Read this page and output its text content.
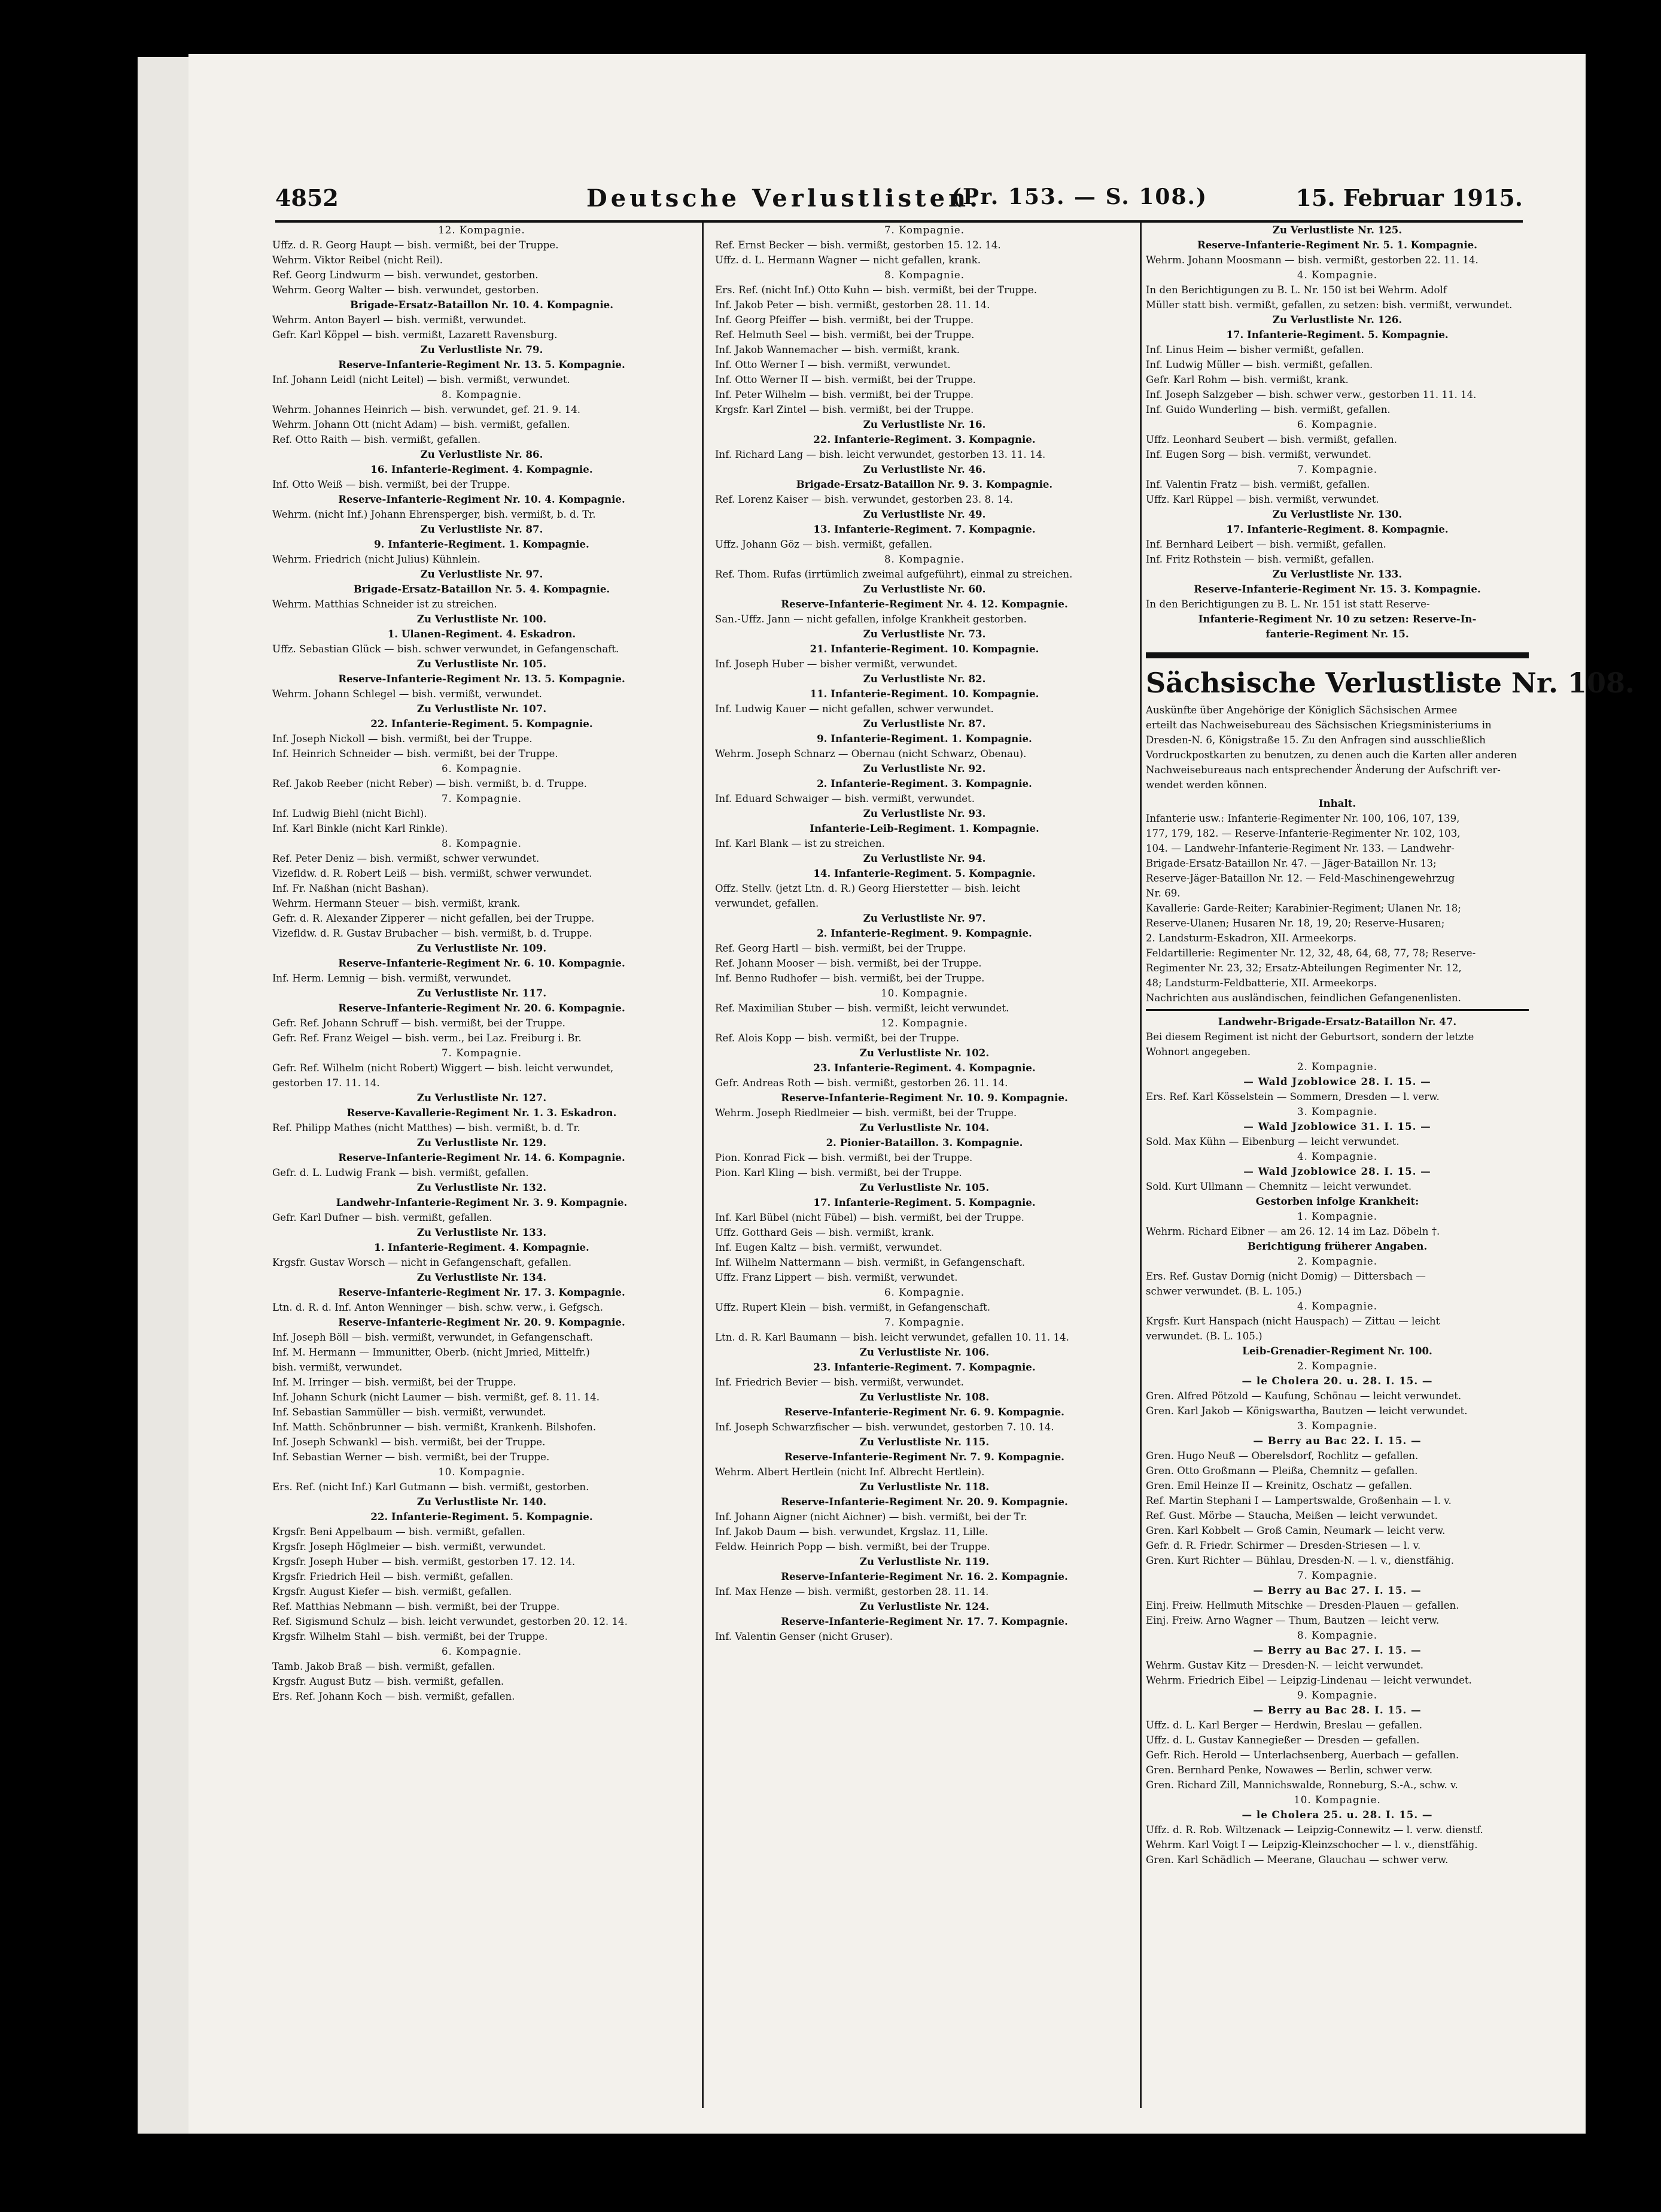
4852	Deutsche Verlustlisten.
(Pr. 153. — S. 108.)	15. Februar 1915.
12. Kompagnie.
Uffz. d. R. Georg Haupt — bish. vermißt, bei der Truppe.
Wehrm. Viktor Reibel (nicht Reil).
Ref. Georg Lindwurm — bish. verwundet, gestorben.
Wehrm. Georg Walter — bish. verwundet, gestorben.
Brigade-Ersatz-Bataillon Nr. 10. 4. Kompagnie.
Wehrm. Anton Bayerl — bish. vermißt, verwundet.
Gefr. Karl Köppel — bish. vermißt, Lazarett Ravensburg.
Zu Verlustliste Nr. 79.
Reserve-Infanterie-Regiment Nr. 13. 5. Kompagnie.
Inf. Johann Leidl (nicht Leitel) — bish. vermißt, verwundet.
8. Kompagnie.
Wehrm. Johannes Heinrich — bish. verwundet, gef. 21. 9. 14.
Wehrm. Johann Ott (nicht Adam) — bish. vermißt, gefallen.
Ref. Otto Raith — bish. vermißt, gefallen.
Zu Verlustliste Nr. 86.
16. Infanterie-Regiment. 4. Kompagnie.
Inf. Otto Weiß — bish. vermißt, bei der Truppe.
Reserve-Infanterie-Regiment Nr. 10. 4. Kompagnie.
Wehrm. (nicht Inf.) Johann Ehrensperger, bish. vermißt, b. d. Tr.
Zu Verlustliste Nr. 87.
9. Infanterie-Regiment. 1. Kompagnie.
Wehrm. Friedrich (nicht Julius) Kühnlein.
Zu Verlustliste Nr. 97.
Brigade-Ersatz-Bataillon Nr. 5. 4. Kompagnie.
Wehrm. Matthias Schneider ist zu streichen.
Zu Verlustliste Nr. 100.
1. Ulanen-Regiment. 4. Eskadron.
Uffz. Sebastian Glück — bish. schwer verwundet, in Gefangenschaft.
Zu Verlustliste Nr. 105.
Reserve-Infanterie-Regiment Nr. 13. 5. Kompagnie.
Wehrm. Johann Schlegel — bish. vermißt, verwundet.
Zu Verlustliste Nr. 107.
22. Infanterie-Regiment. 5. Kompagnie.
Inf. Joseph Nickoll — bish. vermißt, bei der Truppe.
Inf. Heinrich Schneider — bish. vermißt, bei der Truppe.
6. Kompagnie.
Ref. Jakob Reeber (nicht Reber) — bish. vermißt, b. d. Truppe.
7. Kompagnie.
Inf. Ludwig Biehl (nicht Bichl).
Inf. Karl Binkle (nicht Karl Rinkle).
8. Kompagnie.
Ref. Peter Deniz — bish. vermißt, schwer verwundet.
Vizefldw. d. R. Robert Leiß — bish. vermißt, schwer verwundet.
Inf. Fr. Naßhan (nicht Bashan).
Wehrm. Hermann Steuer — bish. vermißt, krank.
Gefr. d. R. Alexander Zipperer — nicht gefallen, bei der Truppe.
Vizefldw. d. R. Gustav Brubacher — bish. vermißt, b. d. Truppe.
Zu Verlustliste Nr. 109.
Reserve-Infanterie-Regiment Nr. 6. 10. Kompagnie.
Inf. Herm. Lemnig — bish. vermißt, verwundet.
Zu Verlustliste Nr. 117.
Reserve-Infanterie-Regiment Nr. 20. 6. Kompagnie.
Gefr. Ref. Johann Schruff — bish. vermißt, bei der Truppe.
Gefr. Ref. Franz Weigel — bish. verm., bei Laz. Freiburg i. Br.
7. Kompagnie.
Gefr. Ref. Wilhelm (nicht Robert) Wiggert — bish. leicht verwundet,
gestorben 17. 11. 14.
Zu Verlustliste Nr. 127.
Reserve-Kavallerie-Regiment Nr. 1. 3. Eskadron.
Ref. Philipp Mathes (nicht Matthes) — bish. vermißt, b. d. Tr.
Zu Verlustliste Nr. 129.
Reserve-Infanterie-Regiment Nr. 14. 6. Kompagnie.
Gefr. d. L. Ludwig Frank — bish. vermißt, gefallen.
Zu Verlustliste Nr. 132.
Landwehr-Infanterie-Regiment Nr. 3. 9. Kompagnie.
Gefr. Karl Dufner — bish. vermißt, gefallen.
Zu Verlustliste Nr. 133.
1. Infanterie-Regiment. 4. Kompagnie.
Krgsfr. Gustav Worsch — nicht in Gefangenschaft, gefallen.
Zu Verlustliste Nr. 134.
Reserve-Infanterie-Regiment Nr. 17. 3. Kompagnie.
Ltn. d. R. d. Inf. Anton Wenninger — bish. schw. verw., i. Gefgsch.
Reserve-Infanterie-Regiment Nr. 20. 9. Kompagnie.
Inf. Joseph Böll — bish. vermißt, verwundet, in Gefangenschaft.
Inf. M. Hermann — Immunitter, Oberb. (nicht Jmried, Mittelfr.)
bish. vermißt, verwundet.
Inf. M. Irringer — bish. vermißt, bei der Truppe.
Inf. Johann Schurk (nicht Laumer — bish. vermißt, gef. 8. 11. 14.
Inf. Sebastian Sammüller — bish. vermißt, verwundet.
Inf. Matth. Schönbrunner — bish. vermißt, Krankenh. Bilshofen.
Inf. Joseph Schwankl — bish. vermißt, bei der Truppe.
Inf. Sebastian Werner — bish. vermißt, bei der Truppe.
10. Kompagnie.
Ers. Ref. (nicht Inf.) Karl Gutmann — bish. vermißt, gestorben.
Zu Verlustliste Nr. 140.
22. Infanterie-Regiment. 5. Kompagnie.
Krgsfr. Beni Appelbaum — bish. vermißt, gefallen.
Krgsfr. Joseph Höglmeier — bish. vermißt, verwundet.
Krgsfr. Joseph Huber — bish. vermißt, gestorben 17. 12. 14.
Krgsfr. Friedrich Heil — bish. vermißt, gefallen.
Krgsfr. August Kiefer — bish. vermißt, gefallen.
Ref. Matthias Nebmann — bish. vermißt, bei der Truppe.
Ref. Sigismund Schulz — bish. leicht verwundet, gestorben 20. 12. 14.
Krgsfr. Wilhelm Stahl — bish. vermißt, bei der Truppe.
6. Kompagnie.
Tamb. Jakob Braß — bish. vermißt, gefallen.
Krgsfr. August Butz — bish. vermißt, gefallen.
Ers. Ref. Johann Koch — bish. vermißt, gefallen.
7. Kompagnie.
Ref. Ernst Becker — bish. vermißt, gestorben 15. 12. 14.
Uffz. d. L. Hermann Wagner — nicht gefallen, krank.
8. Kompagnie.
Ers. Ref. (nicht Inf.) Otto Kuhn — bish. vermißt, bei der Truppe.
Inf. Jakob Peter — bish. vermißt, gestorben 28. 11. 14.
Inf. Georg Pfeiffer — bish. vermißt, bei der Truppe.
Ref. Helmuth Seel — bish. vermißt, bei der Truppe.
Inf. Jakob Wannemacher — bish. vermißt, krank.
Inf. Otto Werner I — bish. vermißt, verwundet.
Inf. Otto Werner II — bish. vermißt, bei der Truppe.
Inf. Peter Wilhelm — bish. vermißt, bei der Truppe.
Krgsfr. Karl Zintel — bish. vermißt, bei der Truppe.
Zu Verlustliste Nr. 16.
22. Infanterie-Regiment. 3. Kompagnie.
Inf. Richard Lang — bish. leicht verwundet, gestorben 13. 11. 14.
Zu Verlustliste Nr. 46.
Brigade-Ersatz-Bataillon Nr. 9. 3. Kompagnie.
Ref. Lorenz Kaiser — bish. verwundet, gestorben 23. 8. 14.
Zu Verlustliste Nr. 49.
13. Infanterie-Regiment. 7. Kompagnie.
Uffz. Johann Göz — bish. vermißt, gefallen.
8. Kompagnie.
Ref. Thom. Rufas (irrtümlich zweimal aufgeführt), einmal zu streichen.
Zu Verlustliste Nr. 60.
Reserve-Infanterie-Regiment Nr. 4. 12. Kompagnie.
San.-Uffz. Jann — nicht gefallen, infolge Krankheit gestorben.
Zu Verlustliste Nr. 73.
21. Infanterie-Regiment. 10. Kompagnie.
Inf. Joseph Huber — bisher vermißt, verwundet.
Zu Verlustliste Nr. 82.
11. Infanterie-Regiment. 10. Kompagnie.
Inf. Ludwig Kauer — nicht gefallen, schwer verwundet.
Zu Verlustliste Nr. 87.
9. Infanterie-Regiment. 1. Kompagnie.
Wehrm. Joseph Schnarz — Obernau (nicht Schwarz, Obenau).
Zu Verlustliste Nr. 92.
2. Infanterie-Regiment. 3. Kompagnie.
Inf. Eduard Schwaiger — bish. vermißt, verwundet.
Zu Verlustliste Nr. 93.
Infanterie-Leib-Regiment. 1. Kompagnie.
Inf. Karl Blank — ist zu streichen.
Zu Verlustliste Nr. 94.
14. Infanterie-Regiment. 5. Kompagnie.
Offz. Stellv. (jetzt Ltn. d. R.) Georg Hierstetter — bish. leicht
verwundet, gefallen.
Zu Verlustliste Nr. 97.
2. Infanterie-Regiment. 9. Kompagnie.
Ref. Georg Hartl — bish. vermißt, bei der Truppe.
Ref. Johann Mooser — bish. vermißt, bei der Truppe.
Inf. Benno Rudhofer — bish. vermißt, bei der Truppe.
10. Kompagnie.
Ref. Maximilian Stuber — bish. vermißt, leicht verwundet.
12. Kompagnie.
Ref. Alois Kopp — bish. vermißt, bei der Truppe.
Zu Verlustliste Nr. 102.
23. Infanterie-Regiment. 4. Kompagnie.
Gefr. Andreas Roth — bish. vermißt, gestorben 26. 11. 14.
Reserve-Infanterie-Regiment Nr. 10. 9. Kompagnie.
Wehrm. Joseph Riedlmeier — bish. vermißt, bei der Truppe.
Zu Verlustliste Nr. 104.
2. Pionier-Bataillon. 3. Kompagnie.
Pion. Konrad Fick — bish. vermißt, bei der Truppe.
Pion. Karl Kling — bish. vermißt, bei der Truppe.
Zu Verlustliste Nr. 105.
17. Infanterie-Regiment. 5. Kompagnie.
Inf. Karl Bübel (nicht Fübel) — bish. vermißt, bei der Truppe.
Uffz. Gotthard Geis — bish. vermißt, krank.
Inf. Eugen Kaltz — bish. vermißt, verwundet.
Inf. Wilhelm Nattermann — bish. vermißt, in Gefangenschaft.
Uffz. Franz Lippert — bish. vermißt, verwundet.
6. Kompagnie.
Uffz. Rupert Klein — bish. vermißt, in Gefangenschaft.
7. Kompagnie.
Ltn. d. R. Karl Baumann — bish. leicht verwundet, gefallen 10. 11. 14.
Zu Verlustliste Nr. 106.
23. Infanterie-Regiment. 7. Kompagnie.
Inf. Friedrich Bevier — bish. vermißt, verwundet.
Zu Verlustliste Nr. 108.
Reserve-Infanterie-Regiment Nr. 6. 9. Kompagnie.
Inf. Joseph Schwarzfischer — bish. verwundet, gestorben 7. 10. 14.
Zu Verlustliste Nr. 115.
Reserve-Infanterie-Regiment Nr. 7. 9. Kompagnie.
Wehrm. Albert Hertlein (nicht Inf. Albrecht Hertlein).
Zu Verlustliste Nr. 118.
Reserve-Infanterie-Regiment Nr. 20. 9. Kompagnie.
Inf. Johann Aigner (nicht Aichner) — bish. vermißt, bei der Tr.
Inf. Jakob Daum — bish. verwundet, Krgslaz. 11, Lille.
Feldw. Heinrich Popp — bish. vermißt, bei der Truppe.
Zu Verlustliste Nr. 119.
Reserve-Infanterie-Regiment Nr. 16. 2. Kompagnie.
Inf. Max Henze — bish. vermißt, gestorben 28. 11. 14.
Zu Verlustliste Nr. 124.
Reserve-Infanterie-Regiment Nr. 17. 7. Kompagnie.
Inf. Valentin Genser (nicht Gruser).
Zu Verlustliste Nr. 125.
Reserve-Infanterie-Regiment Nr. 5. 1. Kompagnie.
Wehrm. Johann Moosmann — bish. vermißt, gestorben 22. 11. 14.
4. Kompagnie.
In den Berichtigungen zu B. L. Nr. 150 ist bei Wehrm. Adolf
Müller statt bish. vermißt, gefallen, zu setzen: bish. vermißt, verwundet.
Zu Verlustliste Nr. 126.
17. Infanterie-Regiment. 5. Kompagnie.
Inf. Linus Heim — bisher vermißt, gefallen.
Inf. Ludwig Müller — bish. vermißt, gefallen.
Gefr. Karl Rohm — bish. vermißt, krank.
Inf. Joseph Salzgeber — bish. schwer verw., gestorben 11. 11. 14.
Inf. Guido Wunderling — bish. vermißt, gefallen.
6. Kompagnie.
Uffz. Leonhard Seubert — bish. vermißt, gefallen.
Inf. Eugen Sorg — bish. vermißt, verwundet.
7. Kompagnie.
Inf. Valentin Fratz — bish. vermißt, gefallen.
Uffz. Karl Rüppel — bish. vermißt, verwundet.
Zu Verlustliste Nr. 130.
17. Infanterie-Regiment. 8. Kompagnie.
Inf. Bernhard Leibert — bish. vermißt, gefallen.
Inf. Fritz Rothstein — bish. vermißt, gefallen.
Zu Verlustliste Nr. 133.
Reserve-Infanterie-Regiment Nr. 15. 3. Kompagnie.
In den Berichtigungen zu B. L. Nr. 151 ist statt Reserve-
Infanterie-Regiment Nr. 10 zu setzen: Reserve-In-
fanterie-Regiment Nr. 15.
Sächsische Verlustliste Nr. 108.
Auskünfte über Angehörige der Königlich Sächsischen Armee
erteilt das Nachweisebureau des Sächsischen Kriegsministeriums in
Dresden-N. 6, Königstraße 15. Zu den Anfragen sind ausschließlich
Vordruckpostkarten zu benutzen, zu denen auch die Karten aller anderen
Nachweisebureaus nach entsprechender Änderung der Aufschrift ver-
wendet werden können.
Inhalt.
Infanterie usw.: Infanterie-Regimenter Nr. 100, 106, 107, 139,
177, 179, 182. — Reserve-Infanterie-Regimenter Nr. 102, 103,
104. — Landwehr-Infanterie-Regiment Nr. 133. — Landwehr-
Brigade-Ersatz-Bataillon Nr. 47. — Jäger-Bataillon Nr. 13;
Reserve-Jäger-Bataillon Nr. 12. — Feld-Maschinengewehrzug
Nr. 69.
Kavallerie: Garde-Reiter; Karabinier-Regiment; Ulanen Nr. 18;
Reserve-Ulanen; Husaren Nr. 18, 19, 20; Reserve-Husaren;
2. Landsturm-Eskadron, XII. Armeekorps.
Feldartillerie: Regimenter Nr. 12, 32, 48, 64, 68, 77, 78; Reserve-
Regimenter Nr. 23, 32; Ersatz-Abteilungen Regimenter Nr. 12,
48; Landsturm-Feldbatterie, XII. Armeekorps.
Nachrichten aus ausländischen, feindlichen Gefangenenlisten.
Landwehr-Brigade-Ersatz-Bataillon Nr. 47.
Bei diesem Regiment ist nicht der Geburtsort, sondern der letzte
Wohnort angegeben.
2. Kompagnie.
— Wald Jzoblowice 28. I. 15. —
Ers. Ref. Karl Kösselstein — Sommern, Dresden — l. verw.
3. Kompagnie.
— Wald Jzoblowice 31. I. 15. —
Sold. Max Kühn — Eibenburg — leicht verwundet.
4. Kompagnie.
— Wald Jzoblowice 28. I. 15. —
Sold. Kurt Ullmann — Chemnitz — leicht verwundet.
Gestorben infolge Krankheit:
1. Kompagnie.
Wehrm. Richard Eibner — am 26. 12. 14 im Laz. Döbeln †.
Berichtigung früherer Angaben.
2. Kompagnie.
Ers. Ref. Gustav Dornig (nicht Domig) — Dittersbach —
schwer verwundet. (B. L. 105.)
4. Kompagnie.
Krgsfr. Kurt Hanspach (nicht Hauspach) — Zittau — leicht
verwundet. (B. L. 105.)
Leib-Grenadier-Regiment Nr. 100.
2. Kompagnie.
— le Cholera 20. u. 28. I. 15. —
Gren. Alfred Pötzold — Kaufung, Schönau — leicht verwundet.
Gren. Karl Jakob — Königswartha, Bautzen — leicht verwundet.
3. Kompagnie.
— Berry au Bac 22. I. 15. —
Gren. Hugo Neuß — Oberelsdorf, Rochlitz — gefallen.
Gren. Otto Großmann — Pleißa, Chemnitz — gefallen.
Gren. Emil Heinze II — Kreinitz, Oschatz — gefallen.
Ref. Martin Stephani I — Lampertswalde, Großenhain — l. v.
Ref. Gust. Mörbe — Staucha, Meißen — leicht verwundet.
Gren. Karl Kobbelt — Groß Camin, Neumark — leicht verw.
Gefr. d. R. Friedr. Schirmer — Dresden-Striesen — l. v.
Gren. Kurt Richter — Bühlau, Dresden-N. — l. v., dienstfähig.
7. Kompagnie.
— Berry au Bac 27. I. 15. —
Einj. Freiw. Hellmuth Mitschke — Dresden-Plauen — gefallen.
Einj. Freiw. Arno Wagner — Thum, Bautzen — leicht verw.
8. Kompagnie.
— Berry au Bac 27. I. 15. —
Wehrm. Gustav Kitz — Dresden-N. — leicht verwundet.
Wehrm. Friedrich Eibel — Leipzig-Lindenau — leicht verwundet.
9. Kompagnie.
— Berry au Bac 28. I. 15. —
Uffz. d. L. Karl Berger — Herdwin, Breslau — gefallen.
Uffz. d. L. Gustav Kannegießer — Dresden — gefallen.
Gefr. Rich. Herold — Unterlachsenberg, Auerbach — gefallen.
Gren. Bernhard Penke, Nowawes — Berlin, schwer verw.
Gren. Richard Zill, Mannichswalde, Ronneburg, S.-A., schw. v.
10. Kompagnie.
— le Cholera 25. u. 28. I. 15. —
Uffz. d. R. Rob. Wiltzenack — Leipzig-Connewitz — l. verw. dienstf.
Wehrm. Karl Voigt I — Leipzig-Kleinzschocher — l. v., dienstfähig.
Gren. Karl Schädlich — Meerane, Glauchau — schwer verw.
